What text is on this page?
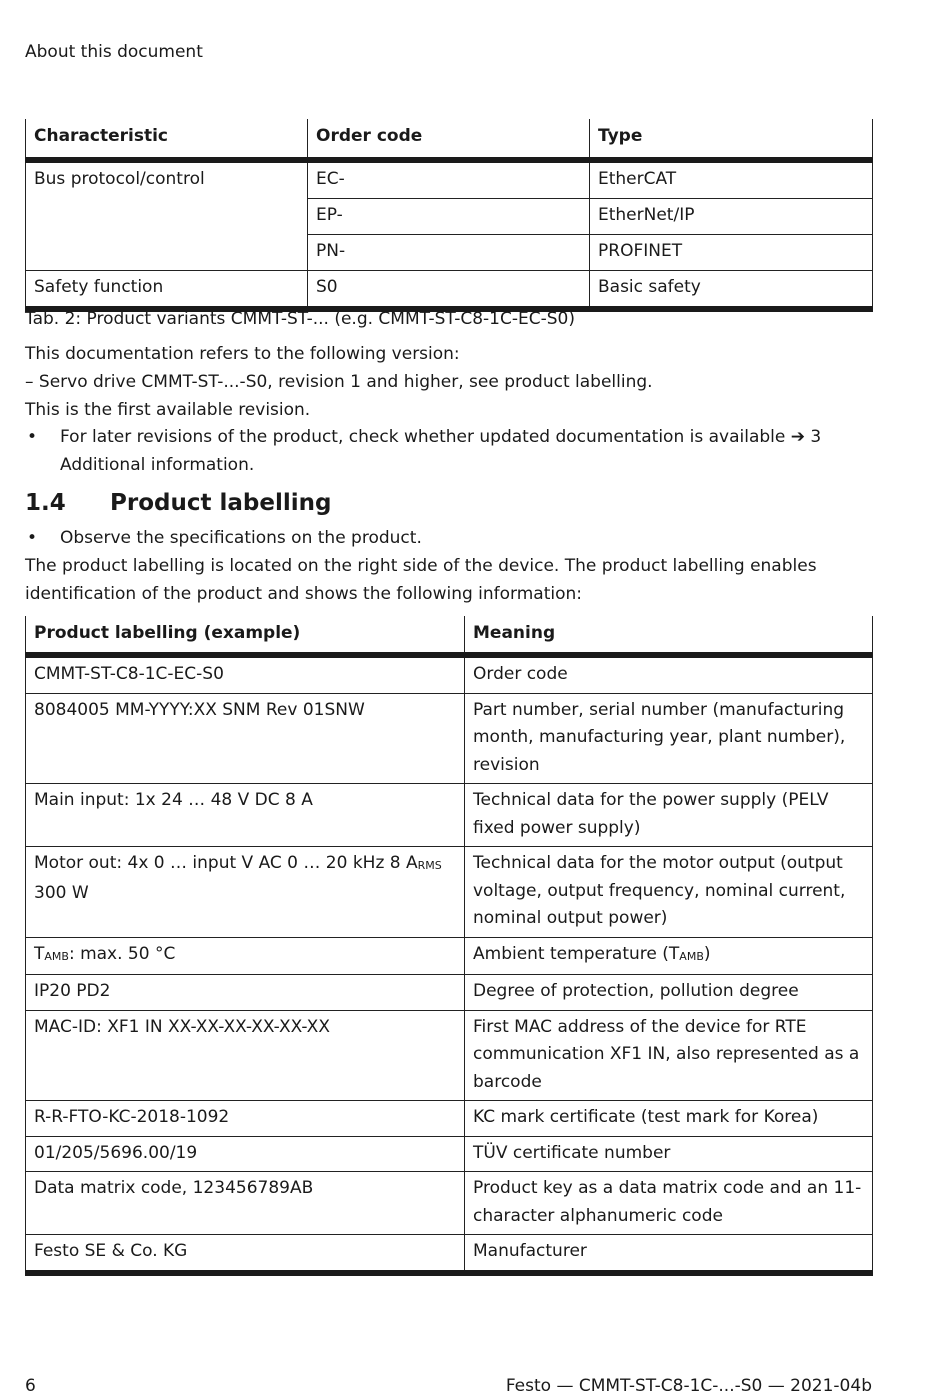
About this document
Characteristic	Order code	Type
Bus protocol/control	EC-	EtherCAT
	EP-	EtherNet/IP
	PN-	PROFINET
Safety function	S0	Basic safety
Tab. 2: Product variants CMMT-ST-... (e.g. CMMT-ST-C8-1C-EC-S0)
This documentation refers to the following version:
– Servo drive CMMT-ST-...-S0, revision 1 and higher, see product labelling.
This is the first available revision.
• For later revisions of the product, check whether updated documentation is available ➔ 3 Additional information.
1.4 Product labelling
• Observe the specifications on the product.
The product labelling is located on the right side of the device. The product labelling enables identification of the product and shows the following information:
Product labelling (example)	Meaning
CMMT-ST-C8-1C-EC-S0	Order code
8084005 MM-YYYY:XX SNM Rev 01SNW	Part number, serial number (manufacturing month, manufacturing year, plant number), revision
Main input: 1x 24 … 48 V DC 8 A	Technical data for the power supply (PELV fixed power supply)
Motor out: 4x 0 … input V AC 0 … 20 kHz 8 $A_{RMS}$
300 W	Technical data for the motor output (output voltage, output frequency, nominal current, nominal output power)
$T_{AMB}$: max. 50 °C	Ambient temperature $(T_{AMB})$
IP20 PD2	Degree of protection, pollution degree
MAC-ID: XF1 IN XX-XX-XX-XX-XX-XX	First MAC address of the device for RTE communication XF1 IN, also represented as a barcode
R-R-FTO-KC-2018-1092	KC mark certificate (test mark for Korea)
01/205/5696.00/19	TÜV certificate number
Data matrix code, 123456789AB	Product key as a data matrix code and an 11-character alphanumeric code
Festo SE & Co. KG	Manufacturer
6	Festo — CMMT-ST-C8-1C-...-S0 — 2021-04b
